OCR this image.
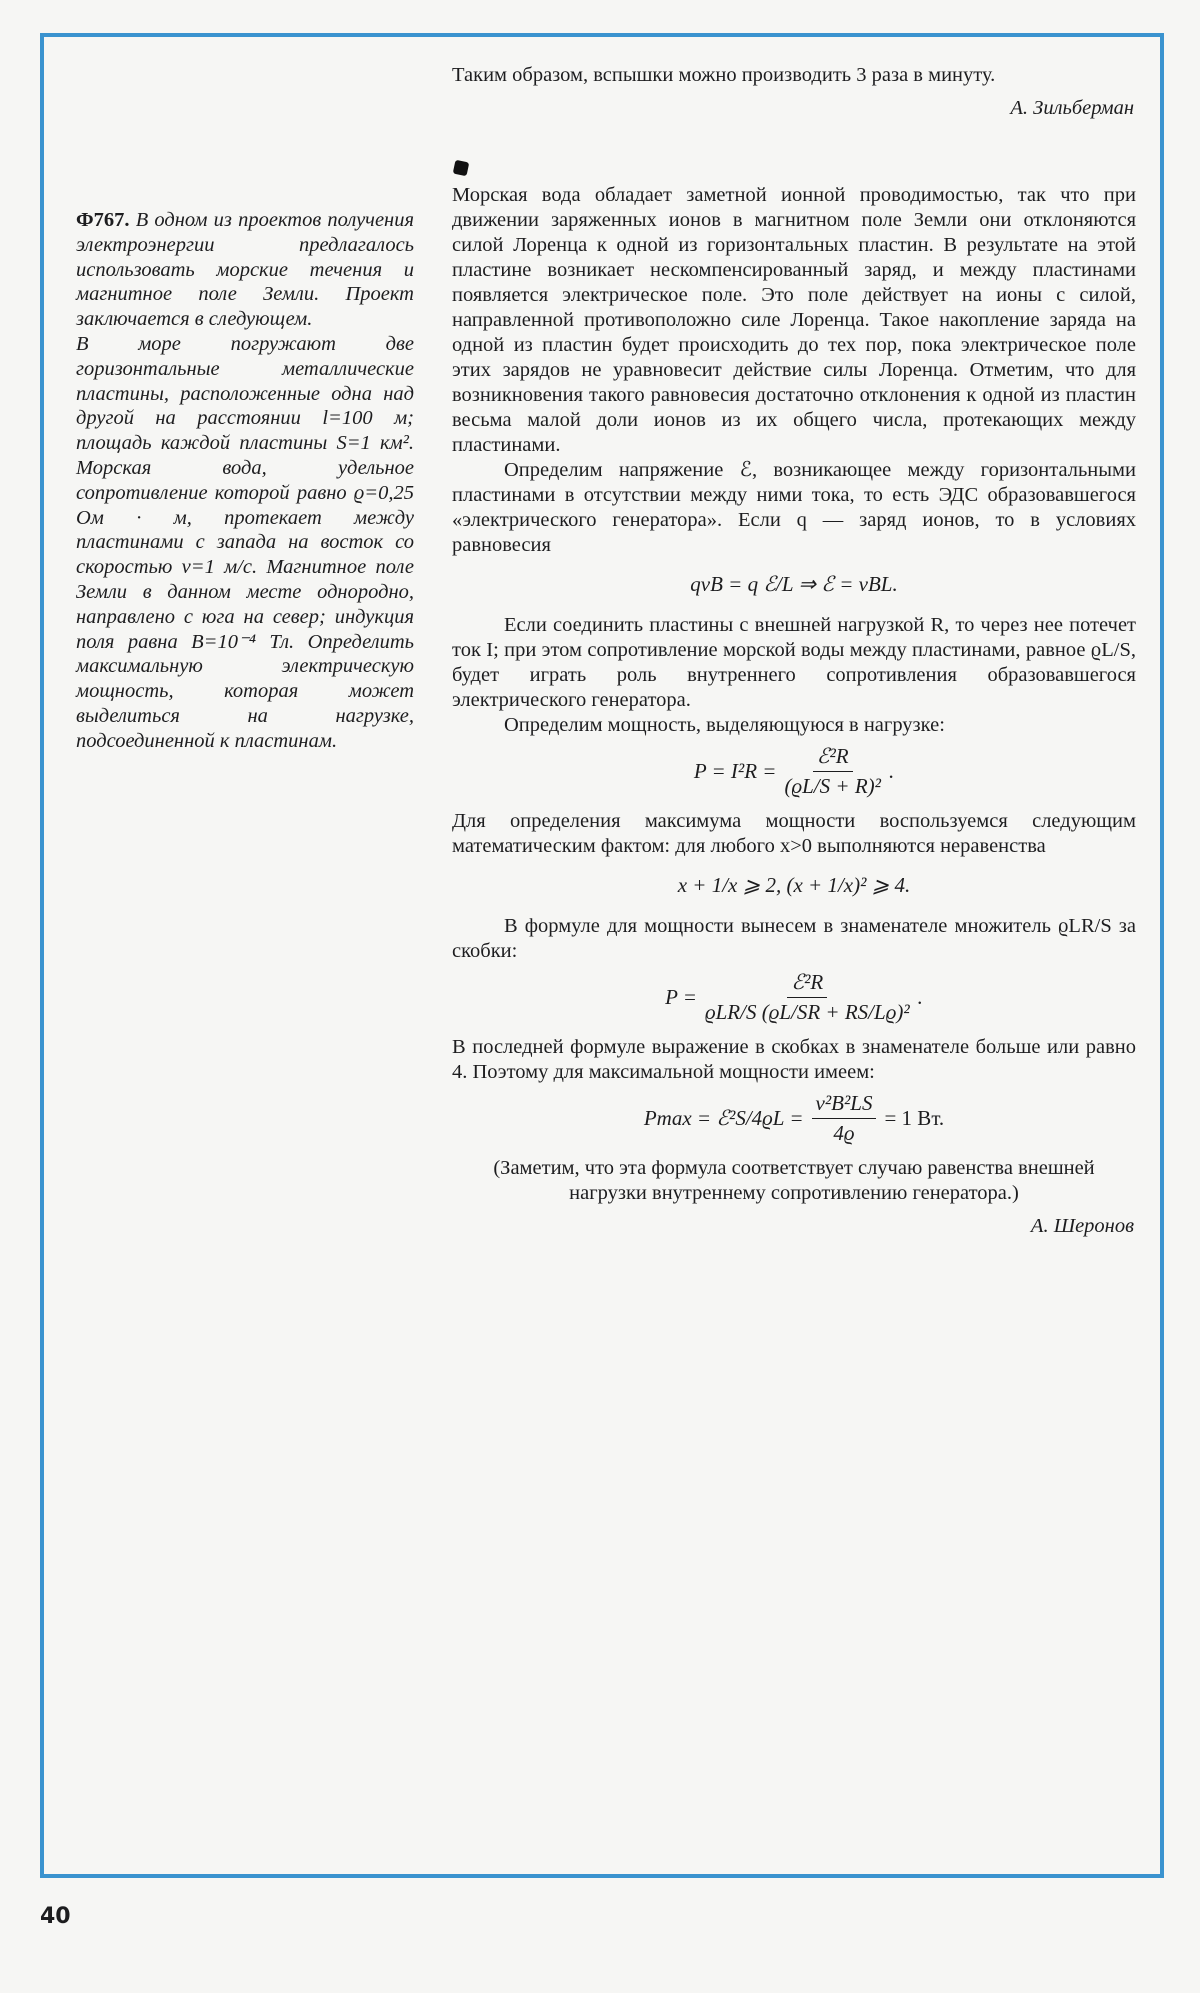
Ф767. В одном из проектов получения электроэнергии предлагалось использовать морские течения и магнитное поле Земли. Проект заключается в следующем.

В море погружают две горизонтальные металлические пластины, расположенные одна над другой на расстоянии l=100 м; площадь каждой пластины S=1 км². Морская вода, удельное сопротивление которой равно ϱ=0,25 Ом · м, протекает между пластинами с запада на восток со скоростью v=1 м/с. Магнитное поле Земли в данном месте однородно, направлено с юга на север; индукция поля равна B=10⁻⁴ Тл. Определить максимальную электрическую мощность, которая может выделиться на нагрузке, подсоединенной к пластинам.

Таким образом, вспышки можно производить 3 раза в минуту.

А. Зильберман

Морская вода обладает заметной ионной проводимостью, так что при движении заряженных ионов в магнитном поле Земли они отклоняются силой Лоренца к одной из горизонтальных пластин. В результате на этой пластине возникает нескомпенсированный заряд, и между пластинами появляется электрическое поле. Это поле действует на ионы с силой, направленной противоположно силе Лоренца. Такое накопление заряда на одной из пластин будет происходить до тех пор, пока электрическое поле этих зарядов не уравновесит действие силы Лоренца. Отметим, что для возникновения такого равновесия достаточно отклонения к одной из пластин весьма малой доли ионов из их общего числа, протекающих между пластинами.

Определим напряжение ℰ, возникающее между горизонтальными пластинами в отсутствии между ними тока, то есть ЭДС образовавшегося «электрического генератора». Если q — заряд ионов, то в условиях равновесия

qvB = q ℰ/L ⇒ ℰ = vBL.

Если соединить пластины с внешней нагрузкой R, то через нее потечет ток I; при этом сопротивление морской воды между пластинами, равное ϱL/S, будет играть роль внутреннего сопротивления образовавшегося электрического генератора.

Определим мощность, выделяющуюся в нагрузке:

$P = I^2R = \frac{\text{ℰ²R}}{\text{(ϱL/S + R)²}}$ .

Для определения максимума мощности воспользуемся следующим математическим фактом: для любого x>0 выполняются неравенства

x + 1/x ⩾ 2, (x + 1/x)² ⩾ 4.

В формуле для мощности вынесем в знаменателе множитель ϱLR/S за скобки:

$P = \frac{\text{ℰ²R}}{\text{ϱLR/S (ϱL/SR + RS/Lϱ)²}}$ .

В последней формуле выражение в скобках в знаменателе больше или равно 4. Поэтому для максимальной мощности имеем:

Pmax = ℰ²S/4ϱL = $\frac{\text{v²B²LS}}{4ϱ} = 1$ Вт.

(Заметим, что эта формула соответствует случаю равенства внешней нагрузки внутреннему сопротивлению генератора.)

А. Шеронов

40
